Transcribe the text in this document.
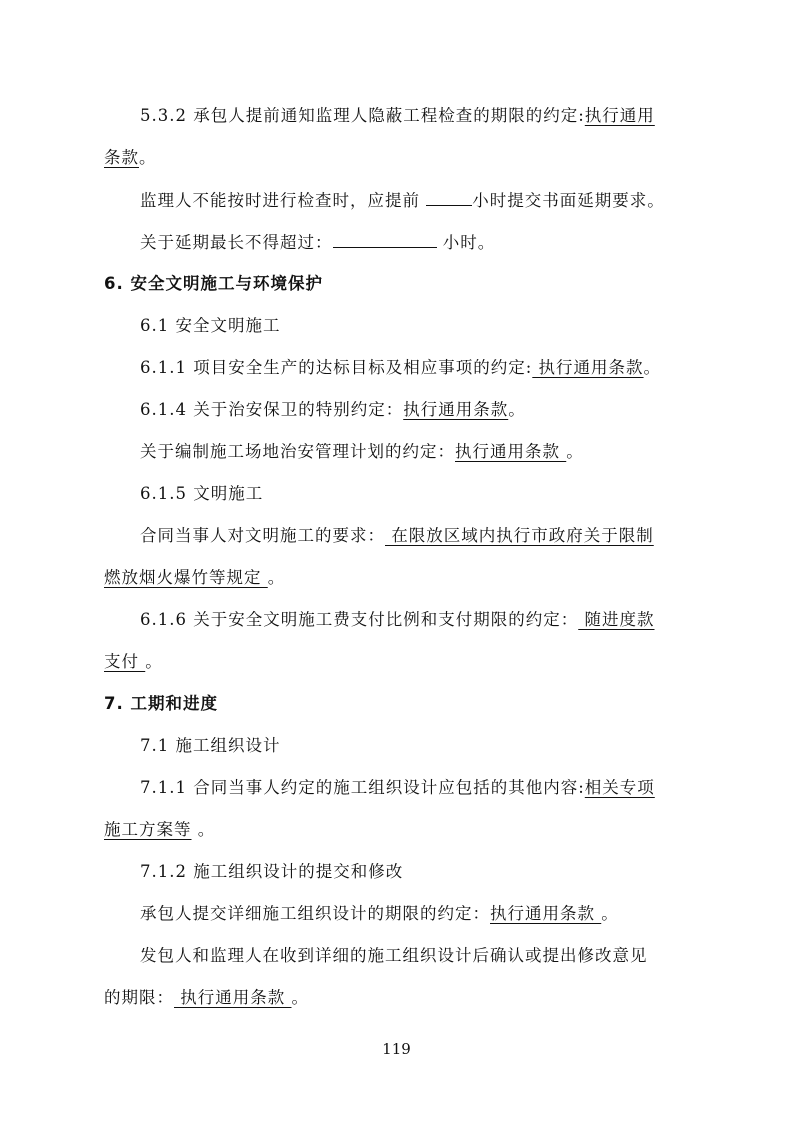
5.3.2 承包人提前通知监理人隐蔽工程检查的期限的约定:执行通用
条款。
监理人不能按时进行检查时，应提前	小时提交书面延期要求。
关于延期最长不得超过：	小时。
6. 安全文明施工与环境保护
6.1 安全文明施工
6.1.1 项目安全生产的达标目标及相应事项的约定: 执行通用条款。
6.1.4 关于治安保卫的特别约定：执行通用条款。
关于编制施工场地治安管理计划的约定：执行通用条款 。
6.1.5 文明施工
合同当事人对文明施工的要求： 在限放区域内执行市政府关于限制
燃放烟火爆竹等规定 。
6.1.6 关于安全文明施工费支付比例和支付期限的约定： 随进度款
支付 。
7. 工期和进度
7.1 施工组织设计
7.1.1 合同当事人约定的施工组织设计应包括的其他内容:相关专项
施工方案等 。
7.1.2 施工组织设计的提交和修改
承包人提交详细施工组织设计的期限的约定：执行通用条款 。
发包人和监理人在收到详细的施工组织设计后确认或提出修改意见
的期限： 执行通用条款 。
119
